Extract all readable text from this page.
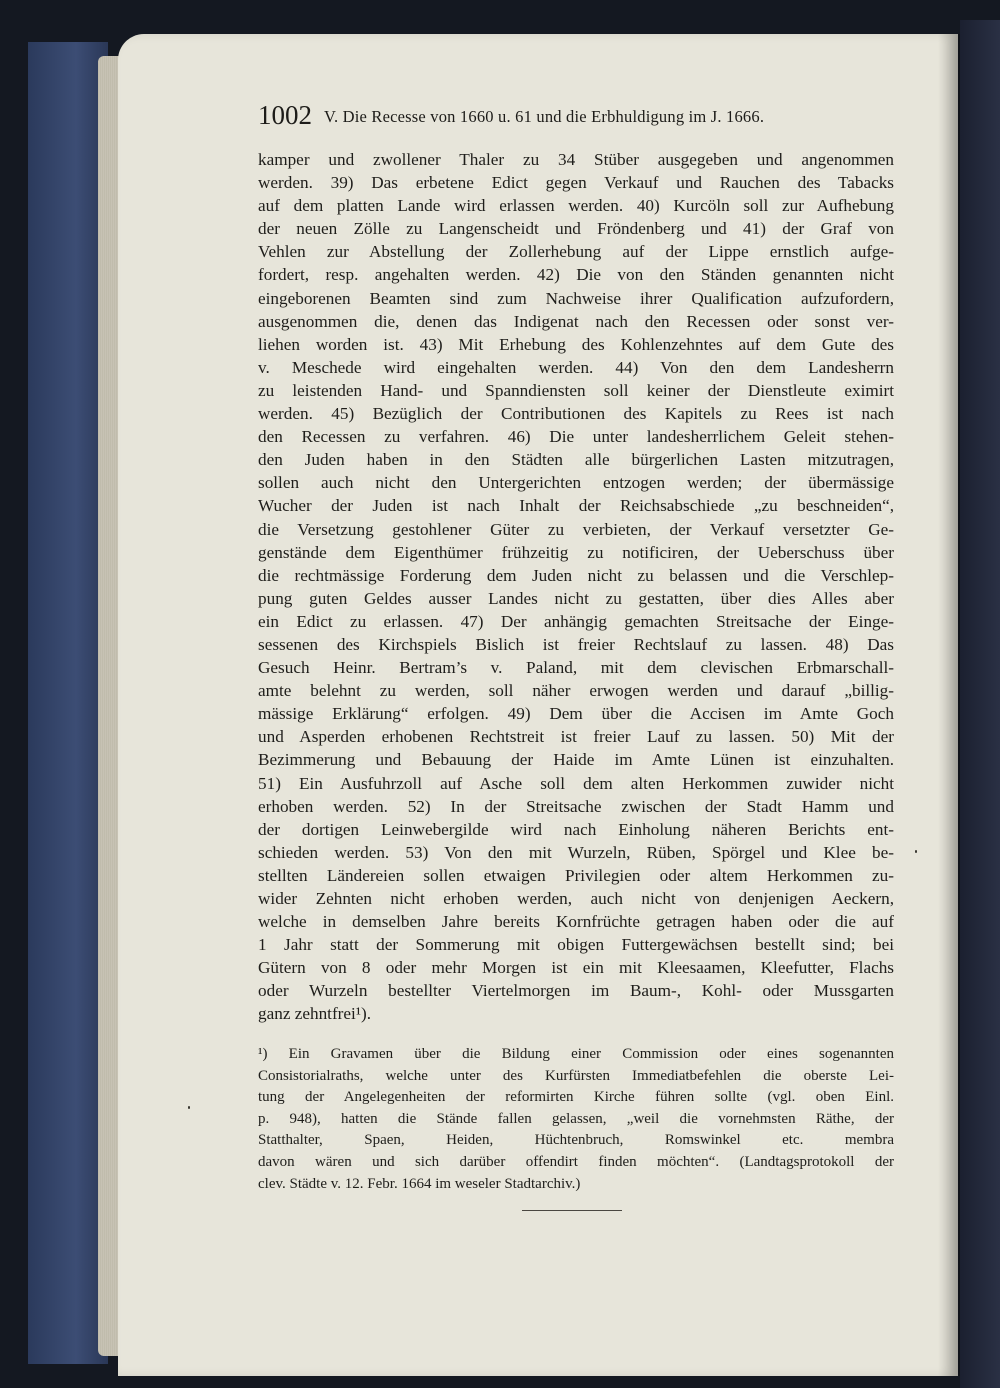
1002 V. Die Recesse von 1660 u. 61 und die Erbhuldigung im J. 1666.
kamper und zwollener Thaler zu 34 Stüber ausgegeben und angenommen
werden. 39) Das erbetene Edict gegen Verkauf und Rauchen des Tabacks
auf dem platten Lande wird erlassen werden. 40) Kurcöln soll zur Aufhebung
der neuen Zölle zu Langenscheidt und Fröndenberg und 41) der Graf von
Vehlen zur Abstellung der Zollerhebung auf der Lippe ernstlich aufge-
fordert, resp. angehalten werden. 42) Die von den Ständen genannten nicht
eingeborenen Beamten sind zum Nachweise ihrer Qualification aufzufordern,
ausgenommen die, denen das Indigenat nach den Recessen oder sonst ver-
liehen worden ist. 43) Mit Erhebung des Kohlenzehntes auf dem Gute des
v. Meschede wird eingehalten werden. 44) Von den dem Landesherrn
zu leistenden Hand- und Spanndiensten soll keiner der Dienstleute eximirt
werden. 45) Bezüglich der Contributionen des Kapitels zu Rees ist nach
den Recessen zu verfahren. 46) Die unter landesherrlichem Geleit stehen-
den Juden haben in den Städten alle bürgerlichen Lasten mitzutragen,
sollen auch nicht den Untergerichten entzogen werden; der übermässige
Wucher der Juden ist nach Inhalt der Reichsabschiede „zu beschneiden“,
die Versetzung gestohlener Güter zu verbieten, der Verkauf versetzter Ge-
genstände dem Eigenthümer frühzeitig zu notificiren, der Ueberschuss über
die rechtmässige Forderung dem Juden nicht zu belassen und die Verschlep-
pung guten Geldes ausser Landes nicht zu gestatten, über dies Alles aber
ein Edict zu erlassen. 47) Der anhängig gemachten Streitsache der Einge-
sessenen des Kirchspiels Bislich ist freier Rechtslauf zu lassen. 48) Das
Gesuch Heinr. Bertram’s v. Paland, mit dem clevischen Erbmarschall-
amte belehnt zu werden, soll näher erwogen werden und darauf „billig-
mässige Erklärung“ erfolgen. 49) Dem über die Accisen im Amte Goch
und Asperden erhobenen Rechtstreit ist freier Lauf zu lassen. 50) Mit der
Bezimmerung und Bebauung der Haide im Amte Lünen ist einzuhalten.
51) Ein Ausfuhrzoll auf Asche soll dem alten Herkommen zuwider nicht
erhoben werden. 52) In der Streitsache zwischen der Stadt Hamm und
der dortigen Leinwebergilde wird nach Einholung näheren Berichts ent-
schieden werden. 53) Von den mit Wurzeln, Rüben, Spörgel und Klee be-
stellten Ländereien sollen etwaigen Privilegien oder altem Herkommen zu-
wider Zehnten nicht erhoben werden, auch nicht von denjenigen Aeckern,
welche in demselben Jahre bereits Kornfrüchte getragen haben oder die auf
1 Jahr statt der Sommerung mit obigen Futtergewächsen bestellt sind; bei
Gütern von 8 oder mehr Morgen ist ein mit Kleesaamen, Kleefutter, Flachs
oder Wurzeln bestellter Viertelmorgen im Baum-, Kohl- oder Mussgarten
ganz zehntfrei¹).
¹) Ein Gravamen über die Bildung einer Commission oder eines sogenannten
Consistorialraths, welche unter des Kurfürsten Immediatbefehlen die oberste Lei-
tung der Angelegenheiten der reformirten Kirche führen sollte (vgl. oben Einl.
p. 948), hatten die Stände fallen gelassen, „weil die vornehmsten Räthe, der
Statthalter, Spaen, Heiden, Hüchtenbruch, Romswinkel etc. membra
davon wären und sich darüber offendirt finden möchten“. (Landtagsprotokoll der
clev. Städte v. 12. Febr. 1664 im weseler Stadtarchiv.)
